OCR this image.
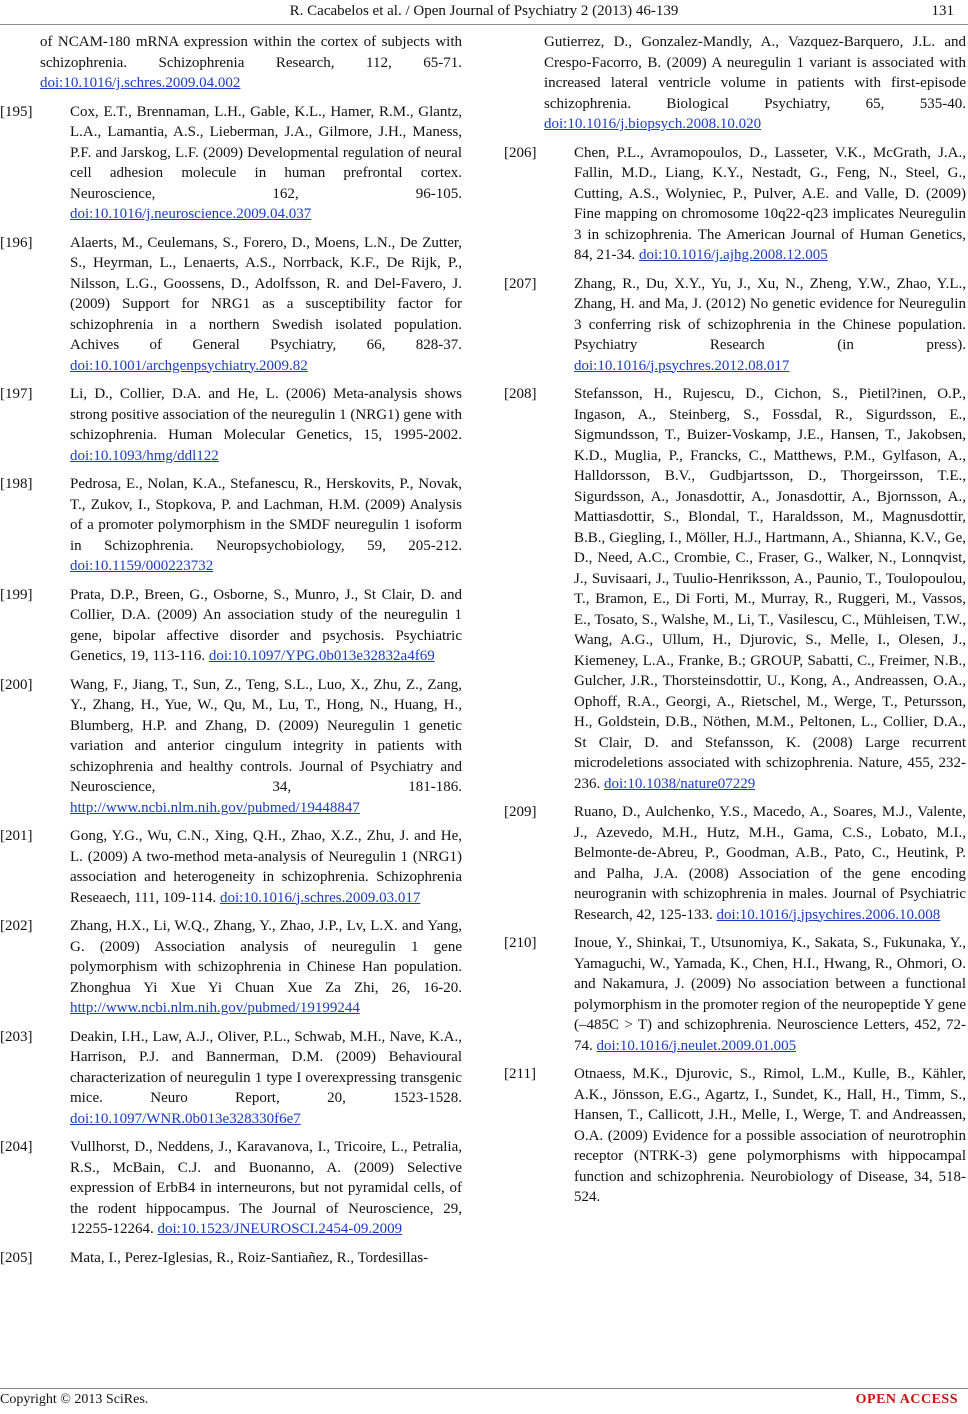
R. Cacabelos et al. / Open Journal of Psychiatry 2 (2013) 46-139	131
of NCAM-180 mRNA expression within the cortex of subjects with schizophrenia. Schizophrenia Research, 112, 65-71. doi:10.1016/j.schres.2009.04.002
[195]	Cox, E.T., Brennaman, L.H., Gable, K.L., Hamer, R.M., Glantz, L.A., Lamantia, A.S., Lieberman, J.A., Gilmore, J.H., Maness, P.F. and Jarskog, L.F. (2009) Developmental regulation of neural cell adhesion molecule in human prefrontal cortex. Neuroscience, 162, 96-105. doi:10.1016/j.neuroscience.2009.04.037
[196]	Alaerts, M., Ceulemans, S., Forero, D., Moens, L.N., De Zutter, S., Heyrman, L., Lenaerts, A.S., Norrback, K.F., De Rijk, P., Nilsson, L.G., Goossens, D., Adolfsson, R. and Del-Favero, J. (2009) Support for NRG1 as a susceptibility factor for schizophrenia in a northern Swedish isolated population. Achives of General Psychiatry, 66, 828-37. doi:10.1001/archgenpsychiatry.2009.82
[197]	Li, D., Collier, D.A. and He, L. (2006) Meta-analysis shows strong positive association of the neuregulin 1 (NRG1) gene with schizophrenia. Human Molecular Genetics, 15, 1995-2002. doi:10.1093/hmg/ddl122
[198]	Pedrosa, E., Nolan, K.A., Stefanescu, R., Herskovits, P., Novak, T., Zukov, I., Stopkova, P. and Lachman, H.M. (2009) Analysis of a promoter polymorphism in the SMDF neuregulin 1 isoform in Schizophrenia. Neuropsychobiology, 59, 205-212. doi:10.1159/000223732
[199]	Prata, D.P., Breen, G., Osborne, S., Munro, J., St Clair, D. and Collier, D.A. (2009) An association study of the neuregulin 1 gene, bipolar affective disorder and psychosis. Psychiatric Genetics, 19, 113-116. doi:10.1097/YPG.0b013e32832a4f69
[200]	Wang, F., Jiang, T., Sun, Z., Teng, S.L., Luo, X., Zhu, Z., Zang, Y., Zhang, H., Yue, W., Qu, M., Lu, T., Hong, N., Huang, H., Blumberg, H.P. and Zhang, D. (2009) Neuregulin 1 genetic variation and anterior cingulum integrity in patients with schizophrenia and healthy controls. Journal of Psychiatry and Neuroscience, 34, 181-186. http://www.ncbi.nlm.nih.gov/pubmed/19448847
[201]	Gong, Y.G., Wu, C.N., Xing, Q.H., Zhao, X.Z., Zhu, J. and He, L. (2009) A two-method meta-analysis of Neuregulin 1 (NRG1) association and heterogeneity in schizophrenia. Schizophrenia Reseaech, 111, 109-114. doi:10.1016/j.schres.2009.03.017
[202]	Zhang, H.X., Li, W.Q., Zhang, Y., Zhao, J.P., Lv, L.X. and Yang, G. (2009) Association analysis of neuregulin 1 gene polymorphism with schizophrenia in Chinese Han population. Zhonghua Yi Xue Yi Chuan Xue Za Zhi, 26, 16-20. http://www.ncbi.nlm.nih.gov/pubmed/19199244
[203]	Deakin, I.H., Law, A.J., Oliver, P.L., Schwab, M.H., Nave, K.A., Harrison, P.J. and Bannerman, D.M. (2009) Behavioural characterization of neuregulin 1 type I overexpressing transgenic mice. Neuro Report, 20, 1523-1528. doi:10.1097/WNR.0b013e328330f6e7
[204]	Vullhorst, D., Neddens, J., Karavanova, I., Tricoire, L., Petralia, R.S., McBain, C.J. and Buonanno, A. (2009) Selective expression of ErbB4 in interneurons, but not pyramidal cells, of the rodent hippocampus. The Journal of Neuroscience, 29, 12255-12264. doi:10.1523/JNEUROSCI.2454-09.2009
[205]	Mata, I., Perez-Iglesias, R., Roiz-Santiañez, R., Tordesillas-
Gutierrez, D., Gonzalez-Mandly, A., Vazquez-Barquero, J.L. and Crespo-Facorro, B. (2009) A neuregulin 1 variant is associated with increased lateral ventricle volume in patients with first-episode schizophrenia. Biological Psychiatry, 65, 535-40. doi:10.1016/j.biopsych.2008.10.020
[206]	Chen, P.L., Avramopoulos, D., Lasseter, V.K., McGrath, J.A., Fallin, M.D., Liang, K.Y., Nestadt, G., Feng, N., Steel, G., Cutting, A.S., Wolyniec, P., Pulver, A.E. and Valle, D. (2009) Fine mapping on chromosome 10q22-q23 implicates Neuregulin 3 in schizophrenia. The American Journal of Human Genetics, 84, 21-34. doi:10.1016/j.ajhg.2008.12.005
[207]	Zhang, R., Du, X.Y., Yu, J., Xu, N., Zheng, Y.W., Zhao, Y.L., Zhang, H. and Ma, J. (2012) No genetic evidence for Neuregulin 3 conferring risk of schizophrenia in the Chinese population. Psychiatry Research (in press). doi:10.1016/j.psychres.2012.08.017
[208]	Stefansson, H., Rujescu, D., Cichon, S., Pietil?inen, O.P., Ingason, A., Steinberg, S., Fossdal, R., Sigurdsson, E., Sigmundsson, T., Buizer-Voskamp, J.E., Hansen, T., Jakobsen, K.D., Muglia, P., Francks, C., Matthews, P.M., Gylfason, A., Halldorsson, B.V., Gudbjartsson, D., Thorgeirsson, T.E., Sigurdsson, A., Jonasdottir, A., Jonasdottir, A., Bjornsson, A., Mattiasdottir, S., Blondal, T., Haraldsson, M., Magnusdottir, B.B., Giegling, I., Möller, H.J., Hartmann, A., Shianna, K.V., Ge, D., Need, A.C., Crombie, C., Fraser, G., Walker, N., Lonnqvist, J., Suvisaari, J., Tuulio-Henriksson, A., Paunio, T., Toulopoulou, T., Bramon, E., Di Forti, M., Murray, R., Ruggeri, M., Vassos, E., Tosato, S., Walshe, M., Li, T., Vasilescu, C., Mühleisen, T.W., Wang, A.G., Ullum, H., Djurovic, S., Melle, I., Olesen, J., Kiemeney, L.A., Franke, B.; GROUP, Sabatti, C., Freimer, N.B., Gulcher, J.R., Thorsteinsdottir, U., Kong, A., Andreassen, O.A., Ophoff, R.A., Georgi, A., Rietschel, M., Werge, T., Petursson, H., Goldstein, D.B., Nöthen, M.M., Peltonen, L., Collier, D.A., St Clair, D. and Stefansson, K. (2008) Large recurrent microdeletions associated with schizophrenia. Nature, 455, 232-236. doi:10.1038/nature07229
[209]	Ruano, D., Aulchenko, Y.S., Macedo, A., Soares, M.J., Valente, J., Azevedo, M.H., Hutz, M.H., Gama, C.S., Lobato, M.I., Belmonte-de-Abreu, P., Goodman, A.B., Pato, C., Heutink, P. and Palha, J.A. (2008) Association of the gene encoding neurogranin with schizophrenia in males. Journal of Psychiatric Research, 42, 125-133. doi:10.1016/j.jpsychires.2006.10.008
[210]	Inoue, Y., Shinkai, T., Utsunomiya, K., Sakata, S., Fukunaka, Y., Yamaguchi, W., Yamada, K., Chen, H.I., Hwang, R., Ohmori, O. and Nakamura, J. (2009) No association between a functional polymorphism in the promoter region of the neuropeptide Y gene (–485C > T) and schizophrenia. Neuroscience Letters, 452, 72-74. doi:10.1016/j.neulet.2009.01.005
[211]	Otnaess, M.K., Djurovic, S., Rimol, L.M., Kulle, B., Kähler, A.K., Jönsson, E.G., Agartz, I., Sundet, K., Hall, H., Timm, S., Hansen, T., Callicott, J.H., Melle, I., Werge, T. and Andreassen, O.A. (2009) Evidence for a possible association of neurotrophin receptor (NTRK-3) gene polymorphisms with hippocampal function and schizophrenia. Neurobiology of Disease, 34, 518-524.
Copyright © 2013 SciRes.	OPEN ACCESS
